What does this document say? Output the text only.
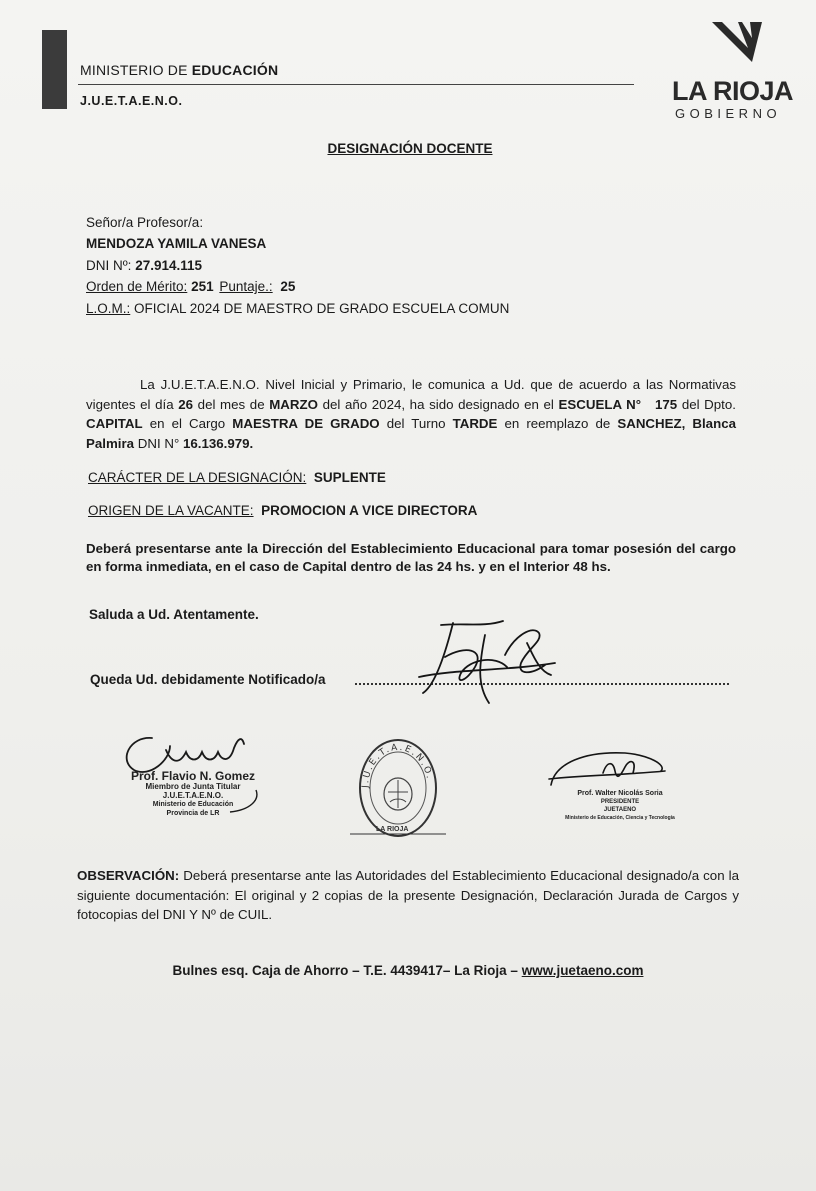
MINISTERIO DE EDUCACIÓN
J.U.E.T.A.E.N.O.	LA RIOJA
GOBIERNO
DESIGNACIÓN DOCENTE
Señor/a Profesor/a:
MENDOZA YAMILA VANESA
DNI Nº: 27.914.115
Orden de Mérito: 251 Puntaje.: 25
L.O.M.: OFICIAL 2024 DE MAESTRO DE GRADO ESCUELA COMUN
La J.U.E.T.A.E.N.O. Nivel Inicial y Primario, le comunica a Ud. que de acuerdo a las Normativas vigentes el día 26 del mes de MARZO del año 2024, ha sido designado en el ESCUELA N° 175 del Dpto. CAPITAL en el Cargo MAESTRA DE GRADO del Turno TARDE en reemplazo de SANCHEZ, Blanca Palmira DNI N° 16.136.979.
CARÁCTER DE LA DESIGNACIÓN: SUPLENTE
ORIGEN DE LA VACANTE: PROMOCION A VICE DIRECTORA
Deberá presentarse ante la Dirección del Establecimiento Educacional para tomar posesión del cargo en forma inmediata, en el caso de Capital dentro de las 24 hs. y en el Interior 48 hs.
Saluda a Ud. Atentamente.
Queda Ud. debidamente Notificado/a
Prof. Flavio N. Gomez
Miembro de Junta Titular
J.U.E.T.A.E.N.O.
Ministerio de Educación
Provincia de LR
J.U.E.T.A.E.N.O.
LA RIOJA
Prof. Walter Nicolás Soria
PRESIDENTE
JUETAENO
Ministerio de Educación, Ciencia y Tecnología
OBSERVACIÓN: Deberá presentarse ante las Autoridades del Establecimiento Educacional designado/a con la siguiente documentación: El original y 2 copias de la presente Designación, Declaración Jurada de Cargos y fotocopias del DNI Y Nº de CUIL.
Bulnes esq. Caja de Ahorro – T.E. 4439417– La Rioja – www.juetaeno.com
